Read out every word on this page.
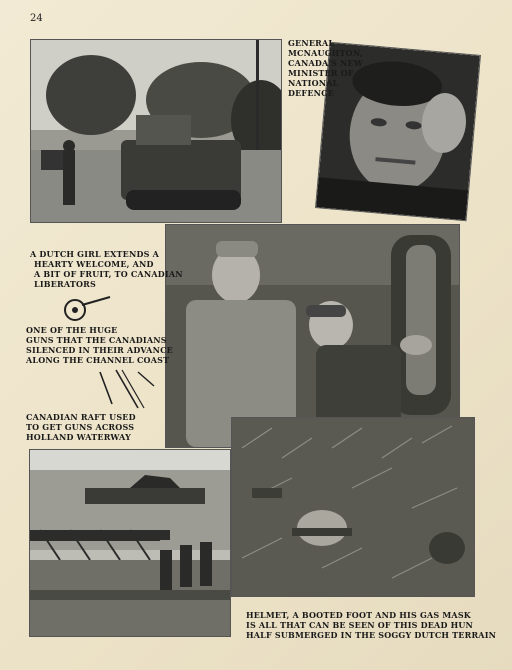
24
GENERAL
MCNAUGHTON,
CANADA'S NEW
MINISTER OF
NATIONAL
DEFENCE
A DUTCH GIRL EXTENDS A
HEARTY WELCOME, AND
A BIT OF FRUIT, TO CANADIAN
LIBERATORS
ONE OF THE HUGE
GUNS THAT THE CANADIANS
SILENCED IN THEIR ADVANCE
ALONG THE CHANNEL COAST
CANADIAN RAFT USED
TO GET GUNS ACROSS
HOLLAND WATERWAY
HELMET, A BOOTED FOOT AND HIS GAS MASK
IS ALL THAT CAN BE SEEN OF THIS DEAD HUN
HALF SUBMERGED IN THE SOGGY DUTCH TERRAIN
